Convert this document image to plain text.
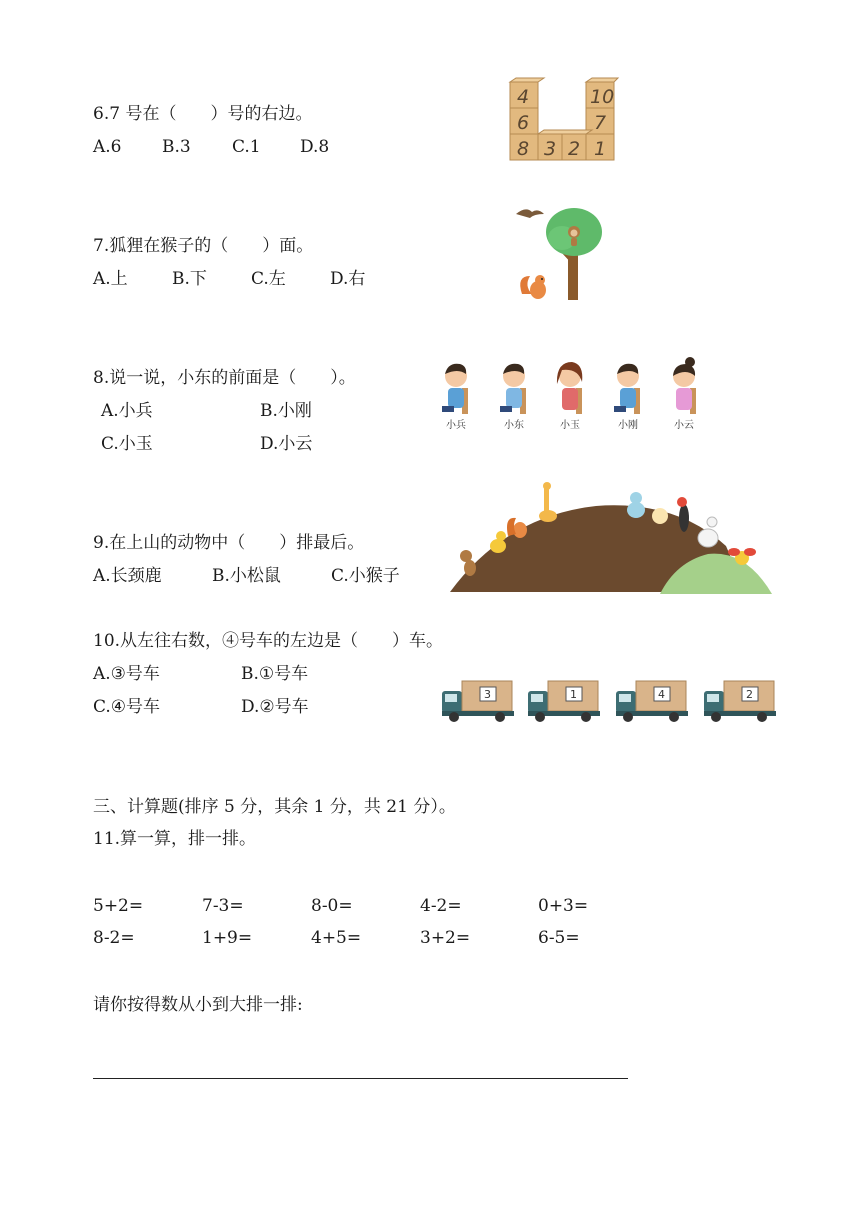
6.7 号在（　　）号的右边。
A.6 B.3 C.1 D.8
4	10
6	7
8 3 2 1
7.狐狸在猴子的（　　）面。
A.上	B.下	C.左	D.右
8.说一说，小东的前面是（　　）。
A.小兵	B.小刚
C.小玉	D.小云
小兵	小东	小玉	小刚	小云
9.在上山的动物中（　　）排最后。
A.长颈鹿	B.小松鼠	C.小猴子
10.从左往右数，④号车的左边是（　　）车。
A.③号车	B.①号车
C.④号车	D.②号车
3	1	4	2
三、计算题(排序 5 分，其余 1 分，共 21 分）。
11.算一算，排一排。
5+2=	7-3=	8-0=	4-2=	0+3=
8-2=	1+9=	4+5=	3+2=	6-5=
请你按得数从小到大排一排:
